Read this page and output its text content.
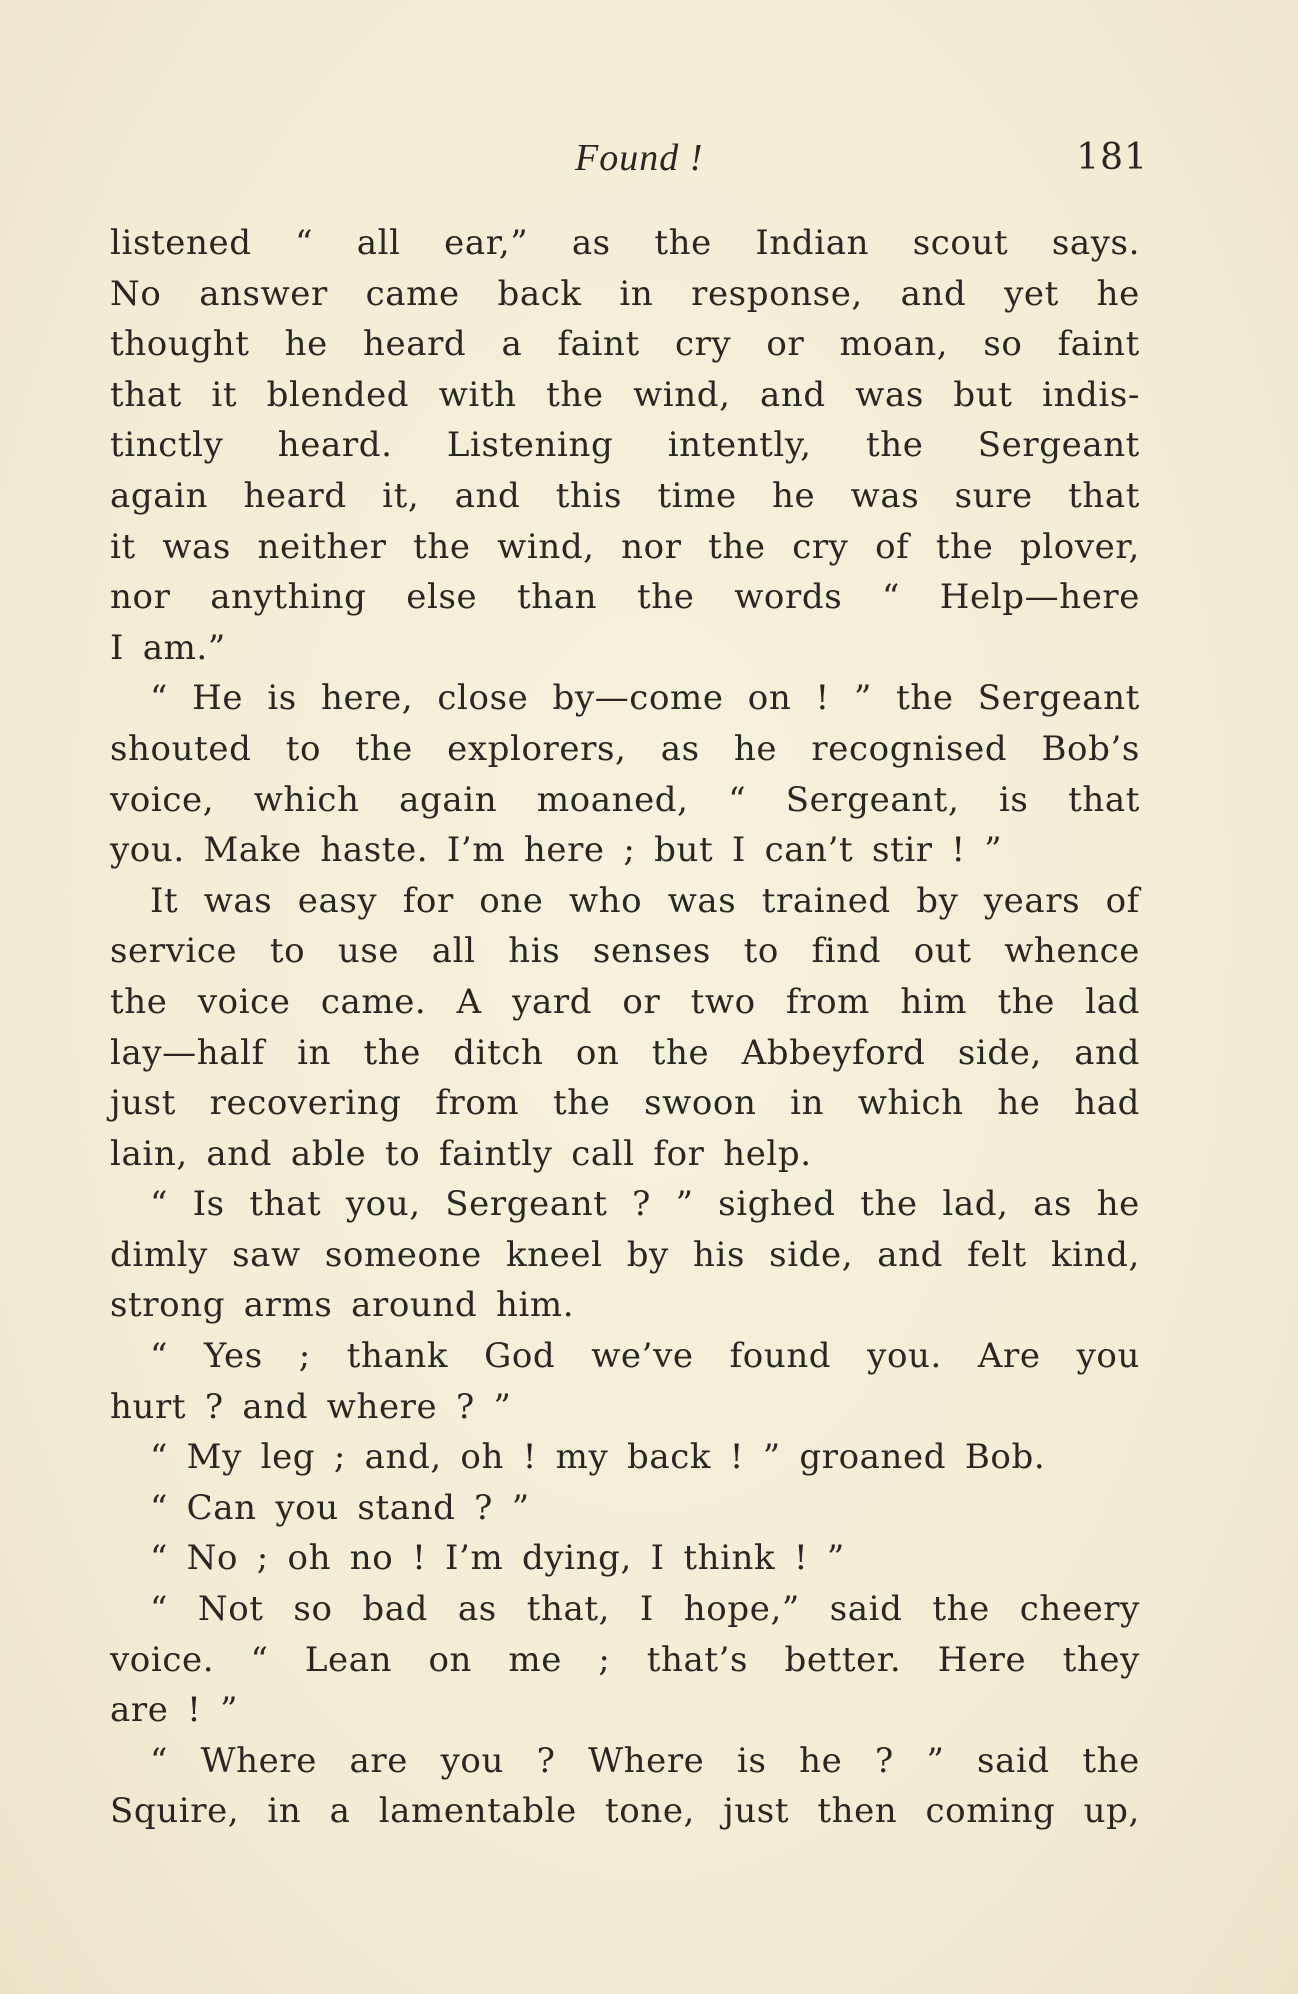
Found !	181
listened “ all ear,” as the Indian scout says.
No answer came back in response, and yet he
thought he heard a faint cry or moan, so faint
that it blended with the wind, and was but indis-
tinctly heard. Listening intently, the Sergeant
again heard it, and this time he was sure that
it was neither the wind, nor the cry of the plover,
nor anything else than the words “ Help—here
I am.”
“ He is here, close by—come on ! ” the Sergeant
shouted to the explorers, as he recognised Bob’s
voice, which again moaned, “ Sergeant, is that
you. Make haste. I’m here ; but I can’t stir ! ”
It was easy for one who was trained by years of
service to use all his senses to find out whence
the voice came. A yard or two from him the lad
lay—half in the ditch on the Abbeyford side, and
just recovering from the swoon in which he had
lain, and able to faintly call for help.
“ Is that you, Sergeant ? ” sighed the lad, as he
dimly saw someone kneel by his side, and felt kind,
strong arms around him.
“ Yes ; thank God we’ve found you. Are you
hurt ? and where ? ”
“ My leg ; and, oh ! my back ! ” groaned Bob.
“ Can you stand ? ”
“ No ; oh no ! I’m dying, I think ! ”
“ Not so bad as that, I hope,” said the cheery
voice. “ Lean on me ; that’s better. Here they
are ! ”
“ Where are you ? Where is he ? ” said the
Squire, in a lamentable tone, just then coming up,
